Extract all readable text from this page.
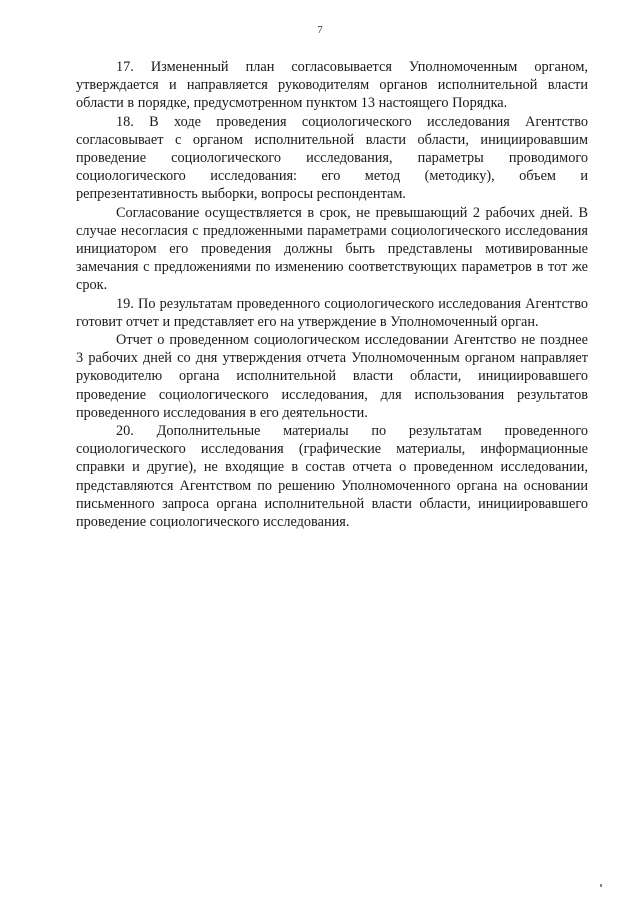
7

17. Измененный план согласовывается Уполномоченным органом, утверждается и направляется руководителям органов исполнительной власти области в порядке, предусмотренном пунктом 13 настоящего Порядка.

18. В ходе проведения социологического исследования Агентство согласовывает с органом исполнительной власти области, инициировавшим проведение социологического исследования, параметры проводимого социологического исследования: его метод (методику), объем и репрезентативность выборки, вопросы респондентам.

Согласование осуществляется в срок, не превышающий 2 рабочих дней. В случае несогласия с предложенными параметрами социологического исследования инициатором его проведения должны быть представлены мотивированные замечания с предложениями по изменению соответствующих параметров в тот же срок.

19. По результатам проведенного социологического исследования Агентство готовит отчет и представляет его на утверждение в Уполномоченный орган.

Отчет о проведенном социологическом исследовании Агентство не позднее 3 рабочих дней со дня утверждения отчета Уполномоченным органом направляет руководителю органа исполнительной власти области, инициировавшего проведение социологического исследования, для использования результатов проведенного исследования в его деятельности.

20. Дополнительные материалы по результатам проведенного социологического исследования (графические материалы, информационные справки и другие), не входящие в состав отчета о проведенном исследовании, представляются Агентством по решению Уполномоченного органа на основании письменного запроса органа исполнительной власти области, инициировавшего проведение социологического исследования.
